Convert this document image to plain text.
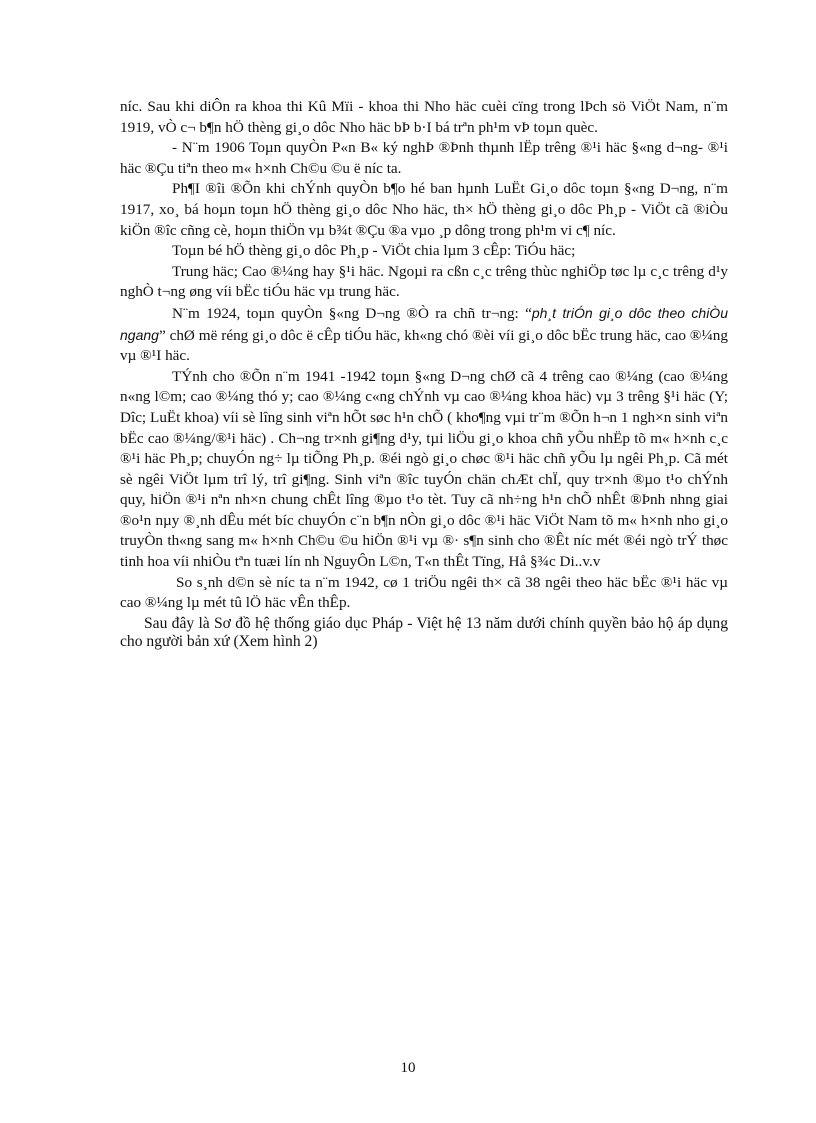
níc. Sau khi diÔn ra khoa thi Kû Mïi - khoa thi Nho häc cuèi cïng trong lÞch sö ViÖt Nam, n¨m 1919, vÒ c¬ b¶n hÖ thèng gi¸o dôc Nho häc bÞ b·I bá trªn ph¹m vÞ toµn quèc.

- N¨m 1906 Toµn quyÒn P«n B« ký nghÞ ®Þnh thµnh lËp trêng ®¹i häc §«ng d¬ng- ®¹i häc ®Çu tiªn theo m« h×nh Ch©u ©u ë níc ta.

Ph¶I ®îi ®Õn khi chÝnh quyÒn b¶o hé ban hµnh LuËt Gi¸o dôc toµn §«ng D¬ng, n¨m 1917, xo¸ bá hoµn toµn hÖ thèng gi¸o dôc Nho häc, th× hÖ thèng gi¸o dôc Ph¸p - ViÖt cã ®iÒu kiÖn ®îc cñng cè, hoµn thiÖn vµ b¾t ®Çu ®a vµo ¸p dông trong ph¹m vi c¶ níc.

Toµn bé hÖ thèng gi¸o dôc Ph¸p - ViÖt chia lµm 3 cÊp: TiÓu häc;

Trung häc; Cao ®¼ng hay §¹i häc. Ngoµi ra cßn c¸c trêng thùc nghiÖp tøc lµ c¸c trêng d¹y nghÒ t¬ng øng víi bËc tiÓu häc vµ trung häc.

N¨m 1924, toµn quyÒn §«ng D¬ng ®Ò ra chñ tr¬ng: “ph¸t triÓn gi¸o dôc theo chiÒu ngang” chØ më réng gi¸o dôc ë cÊp tiÓu häc, kh«ng chó ®èi víi gi¸o dôc bËc trung häc, cao ®¼ng vµ ®¹I häc.

TÝnh cho ®Õn n¨m 1941 -1942 toµn §«ng D¬ng chØ cã 4 trêng cao ®¼ng (cao ®¼ng n«ng l©m; cao ®¼ng thó y; cao ®¼ng c«ng chÝnh vµ cao ®¼ng khoa häc) vµ 3 trêng §¹i häc (Y; Dîc; LuËt khoa) víi sè lîng sinh viªn hÕt søc h¹n chÕ ( kho¶ng vµi tr¨m ®Õn h¬n 1 ngh×n sinh viªn bËc cao ®¼ng/®¹i häc) . Ch¬ng tr×nh gi¶ng d¹y, tµi liÖu gi¸o khoa chñ yÕu nhËp tõ m« h×nh c¸c ®¹i häc Ph¸p; chuyÓn ng÷ lµ tiÕng Ph¸p. ®éi ngò gi¸o chøc ®¹i häc chñ yÕu lµ ngêi Ph¸p. Cã mét sè ngêi ViÖt lµm trî lý, trî gi¶ng. Sinh viªn ®îc tuyÓn chän chÆt chÏ, quy tr×nh ®µo t¹o chÝnh quy, hiÖn ®¹i nªn nh×n chung chÊt lîng ®µo t¹o tèt. Tuy cã nh÷ng h¹n chÕ nhÊt ®Þnh nhng giai ®o¹n nµy ®¸nh dÊu mét bíc chuyÓn c¨n b¶n nÒn gi¸o dôc ®¹i häc ViÖt Nam tõ m« h×nh nho gi¸o truyÒn th«ng sang m« h×nh Ch©u ©u hiÖn ®¹i vµ ®· s¶n sinh cho ®Êt níc mét ®éi ngò trÝ thøc tinh hoa víi nhiÒu tªn tuæi lín nh NguyÔn L©n, T«n thÊt Tïng, Hå §¾c Di..v.v

So s¸nh d©n sè níc ta n¨m 1942, cø 1 triÖu ngêi th× cã 38 ngêi theo häc bËc ®¹i häc vµ cao ®¼ng lµ mét tû lÖ häc vÊn thÊp.

Sau đây là Sơ đồ hệ thống giáo dục Pháp - Việt hệ 13 năm dưới chính quyền bảo hộ áp dụng cho người bản xứ (Xem hình 2)

10
